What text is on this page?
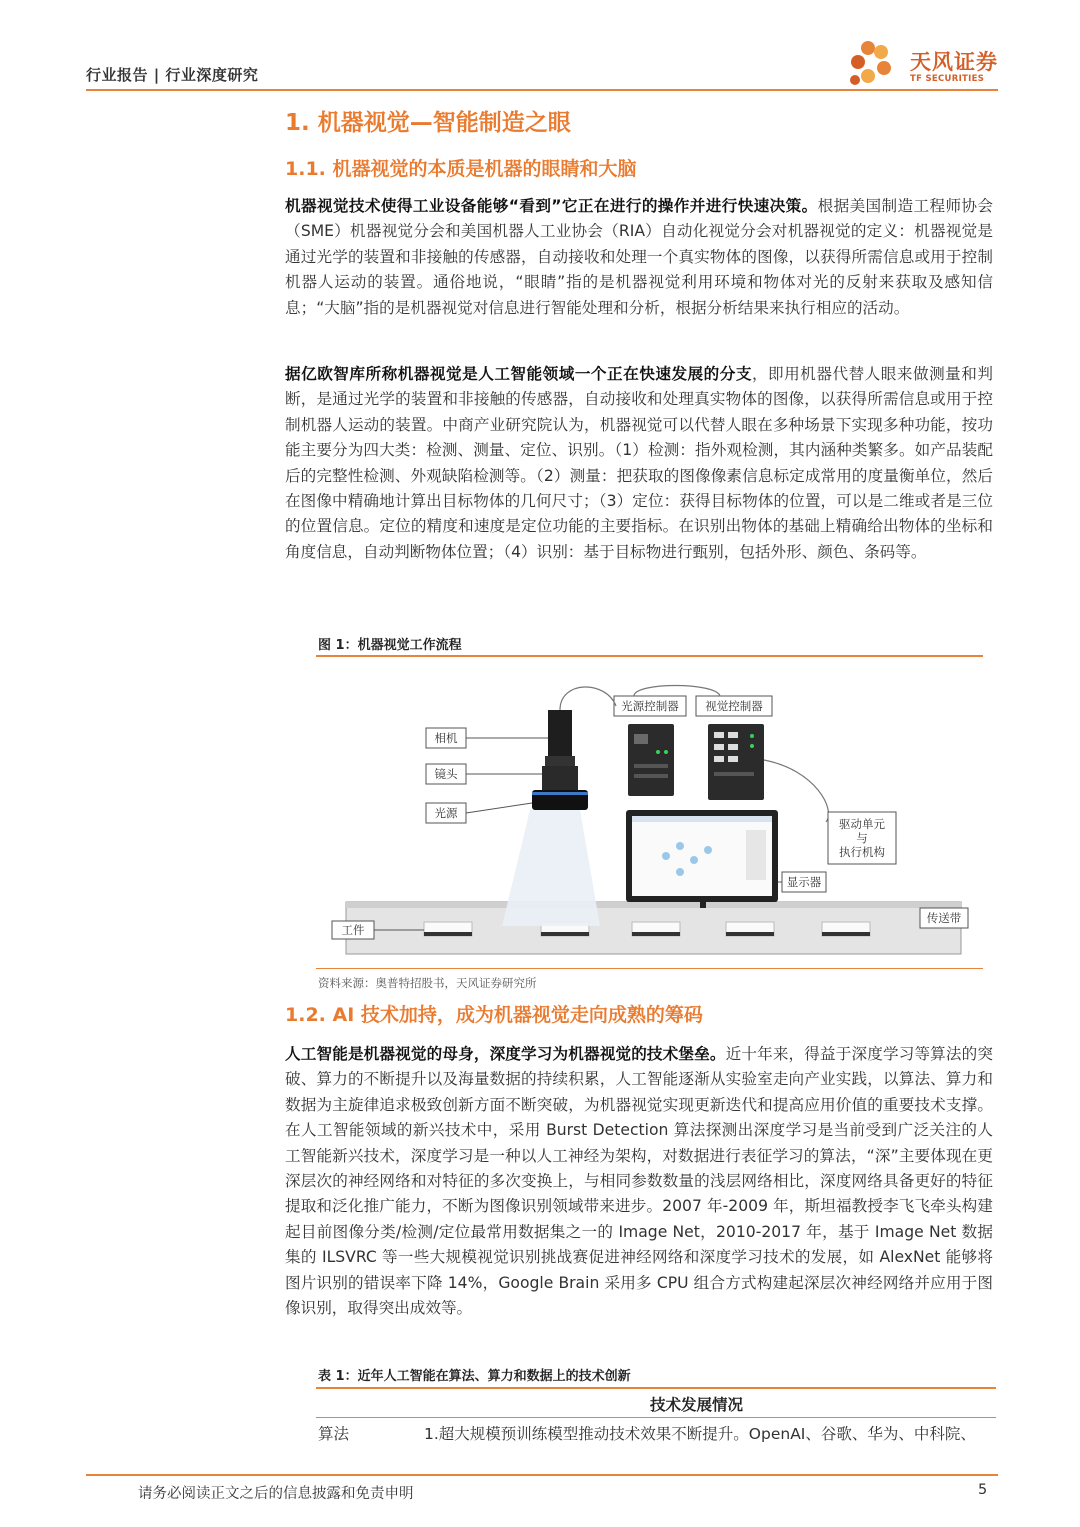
行业报告 | 行业深度研究
天风证券
TF SECURITIES
1. 机器视觉—智能制造之眼
1.1. 机器视觉的本质是机器的眼睛和大脑
机器视觉技术使得工业设备能够“看到”它正在进行的操作并进行快速决策。根据美国制造工程师协会（SME）机器视觉分会和美国机器人工业协会（RIA）自动化视觉分会对机器视觉的定义：机器视觉是通过光学的装置和非接触的传感器，自动接收和处理一个真实物体的图像，以获得所需信息或用于控制机器人运动的装置。通俗地说，“眼睛”指的是机器视觉利用环境和物体对光的反射来获取及感知信息；“大脑”指的是机器视觉对信息进行智能处理和分析，根据分析结果来执行相应的活动。
据亿欧智库所称机器视觉是人工智能领域一个正在快速发展的分支，即用机器代替人眼来做测量和判断，是通过光学的装置和非接触的传感器，自动接收和处理真实物体的图像，以获得所需信息或用于控制机器人运动的装置。中商产业研究院认为，机器视觉可以代替人眼在多种场景下实现多种功能，按功能主要分为四大类：检测、测量、定位、识别。（1）检测：指外观检测，其内涵种类繁多。如产品装配后的完整性检测、外观缺陷检测等。（2）测量：把获取的图像像素信息标定成常用的度量衡单位，然后在图像中精确地计算出目标物体的几何尺寸；（3）定位：获得目标物体的位置，可以是二维或者是三位的位置信息。定位的精度和速度是定位功能的主要指标。在识别出物体的基础上精确给出物体的坐标和角度信息，自动判断物体位置；（4）识别：基于目标物进行甄别，包括外形、颜色、条码等。
图 1：机器视觉工作流程
相机
镜头
光源
光源控制器 视觉控制器
显示器
驱动单元
与
执行机构
工件
传送带
资料来源：奥普特招股书，天风证券研究所
1.2. AI 技术加持，成为机器视觉走向成熟的筹码
人工智能是机器视觉的母身，深度学习为机器视觉的技术堡垒。近十年来，得益于深度学习等算法的突破、算力的不断提升以及海量数据的持续积累，人工智能逐渐从实验室走向产业实践，以算法、算力和数据为主旋律追求极致创新方面不断突破，为机器视觉实现更新迭代和提高应用价值的重要技术支撑。在人工智能领域的新兴技术中，采用 Burst Detection 算法探测出深度学习是当前受到广泛关注的人工智能新兴技术，深度学习是一种以人工神经为架构，对数据进行表征学习的算法，“深”主要体现在更深层次的神经网络和对特征的多次变换上，与相同参数数量的浅层网络相比，深度网络具备更好的特征提取和泛化推广能力，不断为图像识别领域带来进步。2007 年-2009 年，斯坦福教授李飞飞牵头构建起目前图像分类/检测/定位最常用数据集之一的 Image Net，2010-2017 年，基于 Image Net 数据集的 ILSVRC 等一些大规模视觉识别挑战赛促进神经网络和深度学习技术的发展，如 AlexNet 能够将图片识别的错误率下降 14%，Google Brain 采用多 CPU 组合方式构建起深层次神经网络并应用于图像识别，取得突出成效等。
表 1：近年人工智能在算法、算力和数据上的技术创新
技术发展情况
算法	1.超大规模预训练模型推动技术效果不断提升。OpenAI、谷歌、华为、中科院、
请务必阅读正文之后的信息披露和免责申明	5
